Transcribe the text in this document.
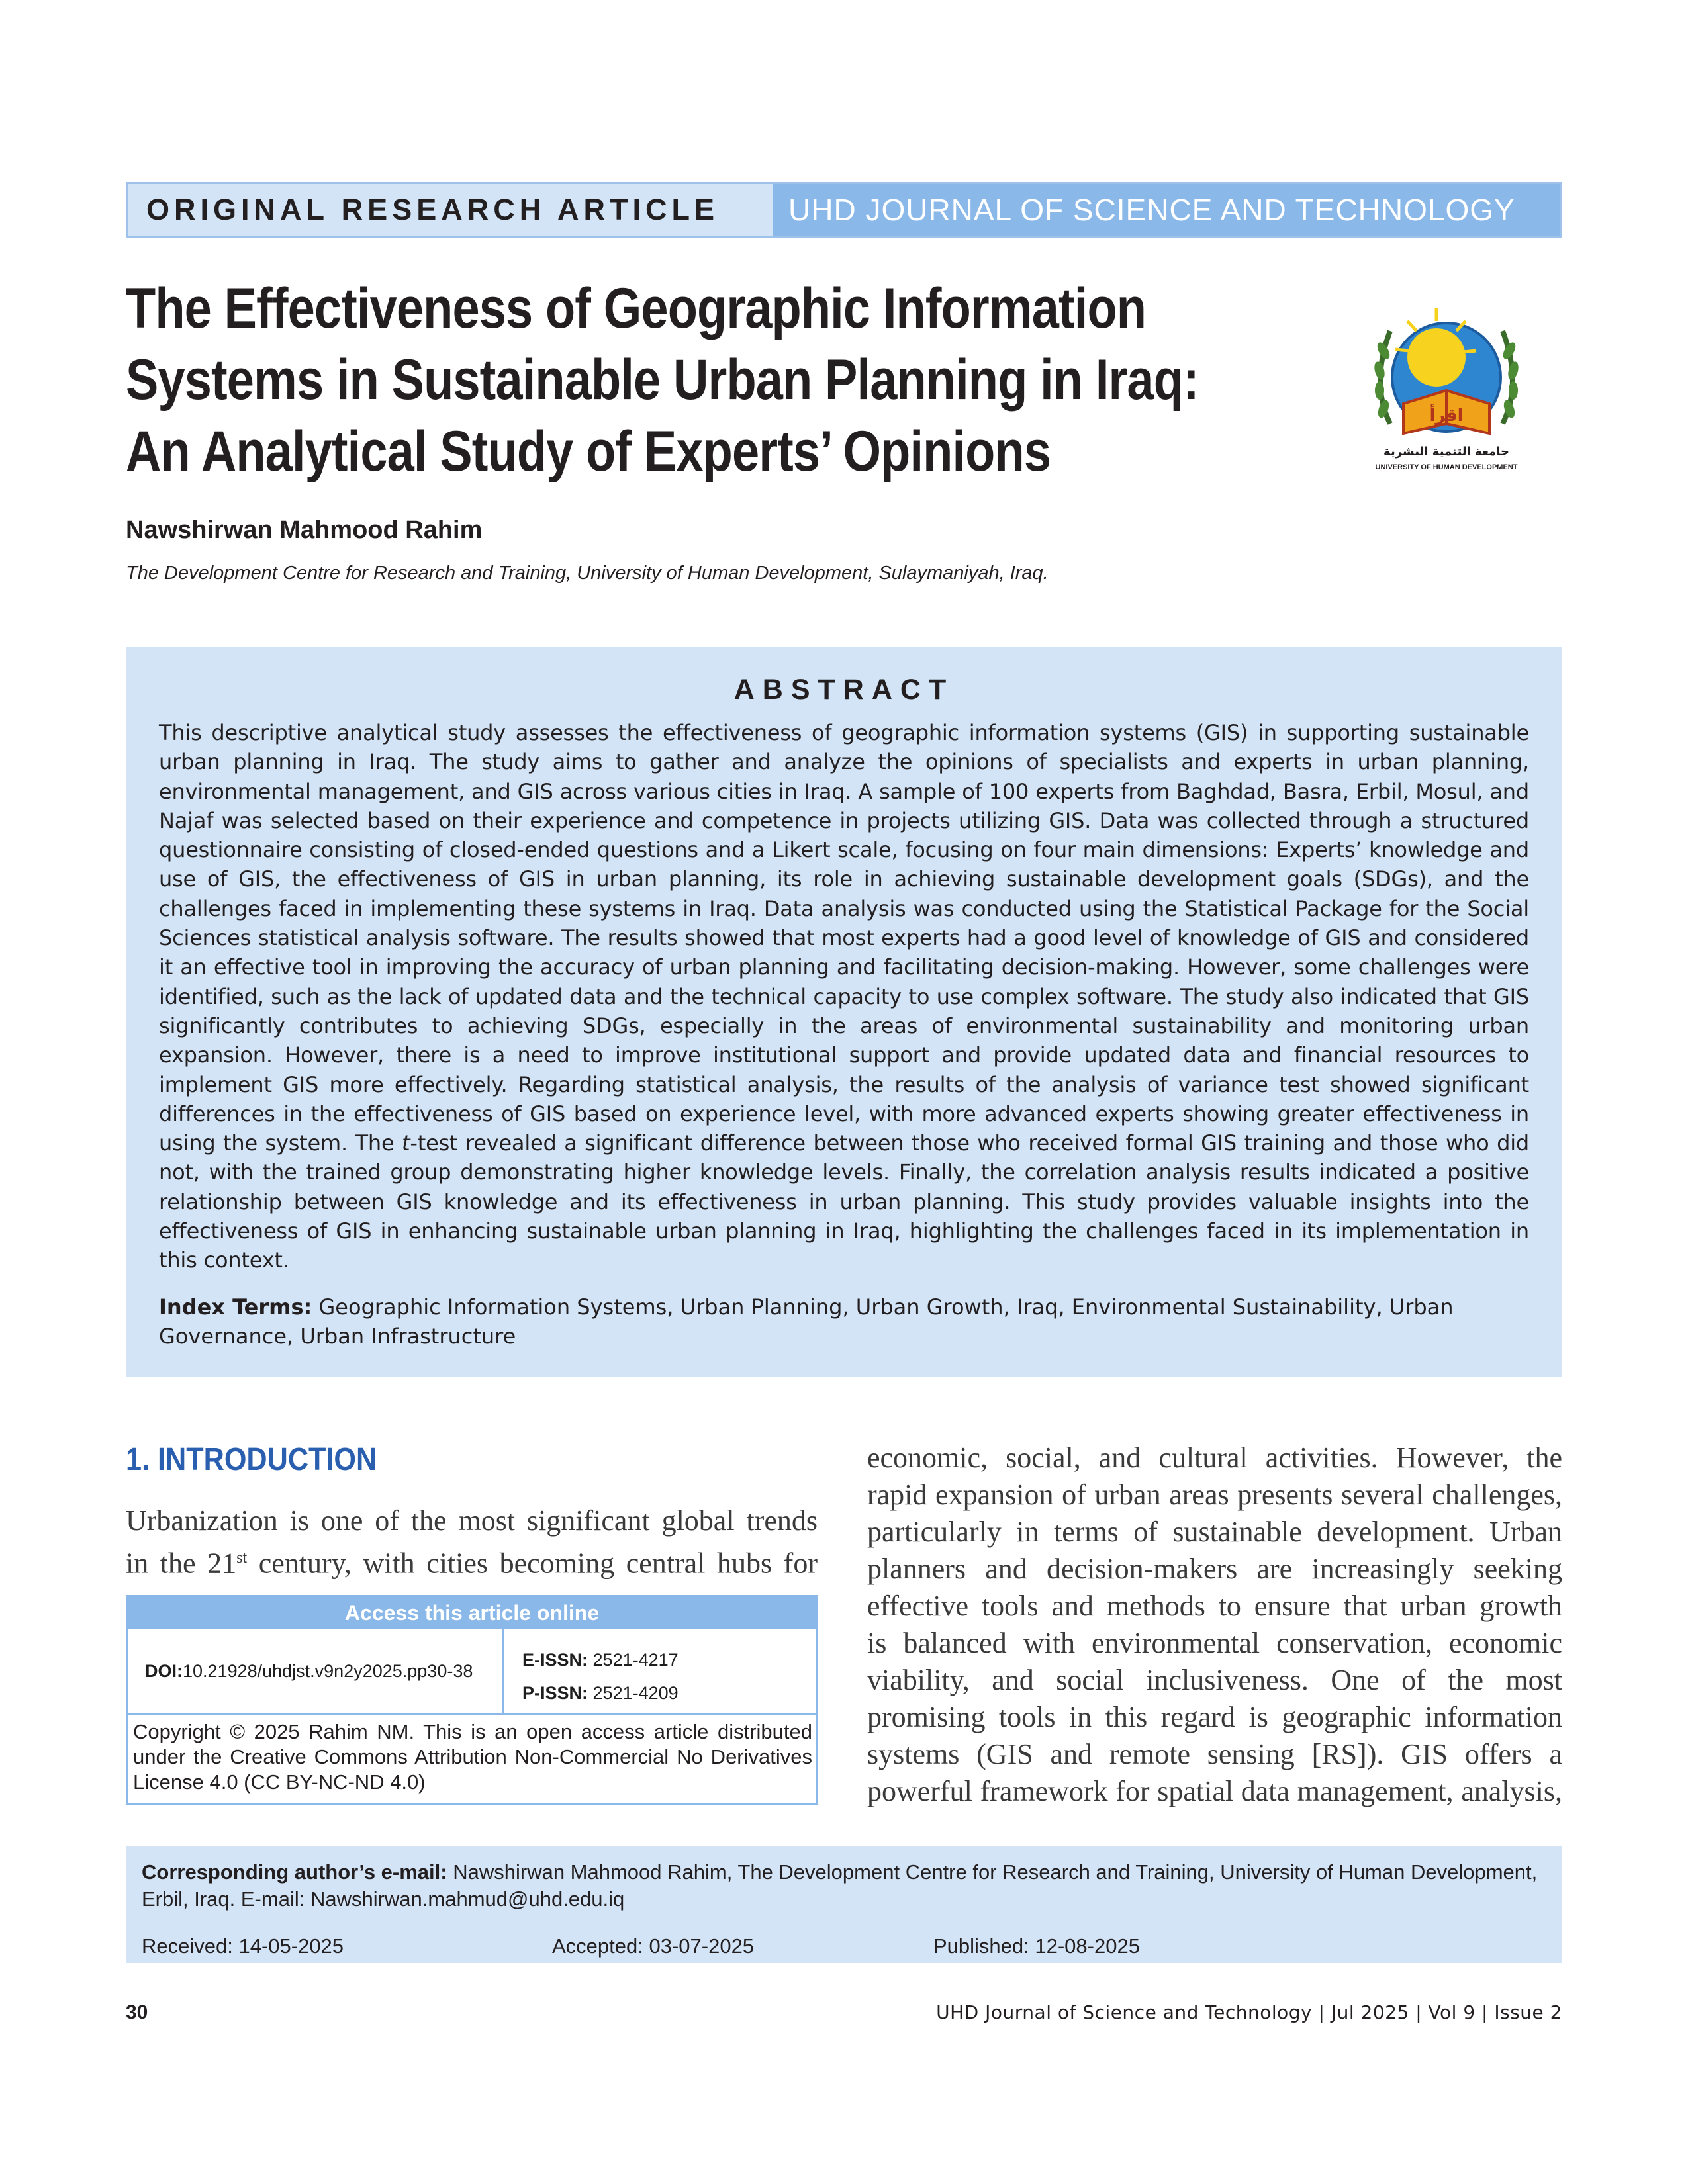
ORIGINAL RESEARCH ARTICLE	UHD JOURNAL OF SCIENCE AND TECHNOLOGY
The Effectiveness of Geographic Information
Systems in Sustainable Urban Planning in Iraq:
An Analytical Study of Experts’ Opinions
اقرأ
جامعة التنمية البشرية
UNIVERSITY OF HUMAN DEVELOPMENT
Nawshirwan Mahmood Rahim
The Development Centre for Research and Training, University of Human Development, Sulaymaniyah, Iraq.
ABSTRACT
This descriptive analytical study assesses the effectiveness of geographic information systems (GIS) in supporting sustainable urban planning in Iraq. The study aims to gather and analyze the opinions of specialists and experts in urban planning, environmental management, and GIS across various cities in Iraq. A sample of 100 experts from Baghdad, Basra, Erbil, Mosul, and Najaf was selected based on their experience and competence in projects utilizing GIS. Data was collected through a structured questionnaire consisting of closed-ended questions and a Likert scale, focusing on four main dimensions: Experts’ knowledge and use of GIS, the effectiveness of GIS in urban planning, its role in achieving sustainable development goals (SDGs), and the challenges faced in implementing these systems in Iraq. Data analysis was conducted using the Statistical Package for the Social Sciences statistical analysis software. The results showed that most experts had a good level of knowledge of GIS and considered it an effective tool in improving the accuracy of urban planning and facilitating decision-making. However, some challenges were identified, such as the lack of updated data and the technical capacity to use complex software. The study also indicated that GIS significantly contributes to achieving SDGs, especially in the areas of environmental sustainability and monitoring urban expansion. However, there is a need to improve institutional support and provide updated data and financial resources to implement GIS more effectively. Regarding statistical analysis, the results of the analysis of variance test showed significant differences in the effectiveness of GIS based on experience level, with more advanced experts showing greater effectiveness in using the system. The t-test revealed a significant difference between those who received formal GIS training and those who did not, with the trained group demonstrating higher knowledge levels. Finally, the correlation analysis results indicated a positive relationship between GIS knowledge and its effectiveness in urban planning. This study provides valuable insights into the effectiveness of GIS in enhancing sustainable urban planning in Iraq, highlighting the challenges faced in its implementation in this context.
Index Terms: Geographic Information Systems, Urban Planning, Urban Growth, Iraq, Environmental Sustainability, Urban Governance, Urban Infrastructure
1. INTRODUCTION
Urbanization is one of the most significant global trends
in the 21st century, with cities becoming central hubs for
Access this article online
DOI: 10.21928/uhdjst.v9n2y2025.pp30-38
E-ISSN: 2521-4217
P-ISSN: 2521-4209
Copyright © 2025 Rahim NM. This is an open access article distributed under the Creative Commons Attribution Non-Commercial No Derivatives License 4.0 (CC BY-NC-ND 4.0)
economic, social, and cultural activities. However, the
rapid expansion of urban areas presents several challenges,
particularly in terms of sustainable development. Urban
planners and decision-makers are increasingly seeking
effective tools and methods to ensure that urban growth
is balanced with environmental conservation, economic
viability, and social inclusiveness. One of the most
promising tools in this regard is geographic information
systems (GIS and remote sensing [RS]). GIS offers a
powerful framework for spatial data management, analysis,
Corresponding author’s e-mail: Nawshirwan Mahmood Rahim, The Development Centre for Research and Training, University of Human Development, Erbil, Iraq. E-mail: Nawshirwan.mahmud@uhd.edu.iq
Received: 14-05-2025	Accepted: 03-07-2025	Published: 12-08-2025
30	UHD Journal of Science and Technology | Jul 2025 | Vol 9 | Issue 2
